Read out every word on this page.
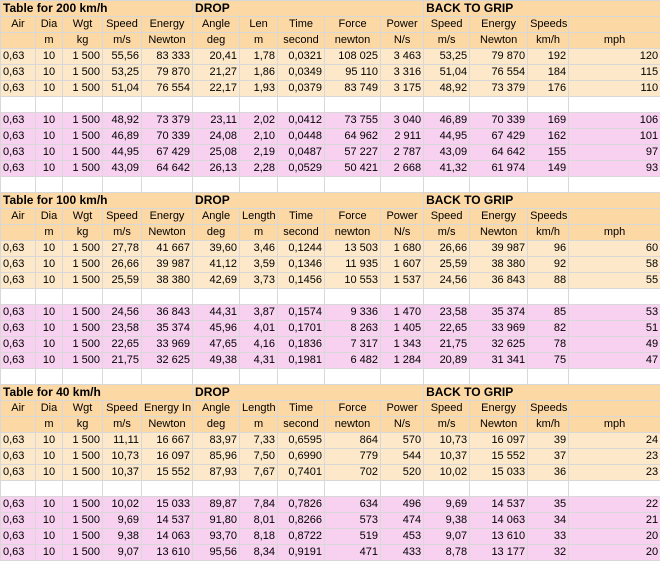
Table for 200 km/h					DROP					BACK TO GRIP			
Air	Dia	Wgt	Speed	Energy	Angle	Len	Time	Force	Power	Speed	Energy	Speeds	
	m	kg	m/s	Newton	deg	m	second	newton	N/s	m/s	Newton	km/h	mph
0,63	10	1 500	55,56	83 333	20,41	1,78	0,0321	108 025	3 463	53,25	79 870	192	120
0,63	10	1 500	53,25	79 870	21,27	1,86	0,0349	95 110	3 316	51,04	76 554	184	115
0,63	10	1 500	51,04	76 554	22,17	1,93	0,0379	83 749	3 175	48,92	73 379	176	110

0,63	10	1 500	48,92	73 379	23,11	2,02	0,0412	73 755	3 040	46,89	70 339	169	106
0,63	10	1 500	46,89	70 339	24,08	2,10	0,0448	64 962	2 911	44,95	67 429	162	101
0,63	10	1 500	44,95	67 429	25,08	2,19	0,0487	57 227	2 787	43,09	64 642	155	97
0,63	10	1 500	43,09	64 642	26,13	2,28	0,0529	50 421	2 668	41,32	61 974	149	93

Table for 100 km/h					DROP					BACK TO GRIP			
Air	Dia	Wgt	Speed	Energy	Angle	Length	Time	Force	Power	Speed	Energy	Speeds	
	m	kg	m/s	Newton	deg	m	second	newton	N/s	m/s	Newton	km/h	mph
0,63	10	1 500	27,78	41 667	39,60	3,46	0,1244	13 503	1 680	26,66	39 987	96	60
0,63	10	1 500	26,66	39 987	41,12	3,59	0,1346	11 935	1 607	25,59	38 380	92	58
0,63	10	1 500	25,59	38 380	42,69	3,73	0,1456	10 553	1 537	24,56	36 843	88	55

0,63	10	1 500	24,56	36 843	44,31	3,87	0,1574	9 336	1 470	23,58	35 374	85	53
0,63	10	1 500	23,58	35 374	45,96	4,01	0,1701	8 263	1 405	22,65	33 969	82	51
0,63	10	1 500	22,65	33 969	47,65	4,16	0,1836	7 317	1 343	21,75	32 625	78	49
0,63	10	1 500	21,75	32 625	49,38	4,31	0,1981	6 482	1 284	20,89	31 341	75	47

Table for 40 km/h					DROP					BACK TO GRIP			
Air	Dia	Wgt	Speed	Energy In	Angle	Length	Time	Force	Power	Speed	Energy	Speeds	
	m	kg	m/s	Newton	deg	m	second	newton	N/s	m/s	Newton	km/h	mph
0,63	10	1 500	11,11	16 667	83,97	7,33	0,6595	864	570	10,73	16 097	39	24
0,63	10	1 500	10,73	16 097	85,96	7,50	0,6990	779	544	10,37	15 552	37	23
0,63	10	1 500	10,37	15 552	87,93	7,67	0,7401	702	520	10,02	15 033	36	23

0,63	10	1 500	10,02	15 033	89,87	7,84	0,7826	634	496	9,69	14 537	35	22
0,63	10	1 500	9,69	14 537	91,80	8,01	0,8266	573	474	9,38	14 063	34	21
0,63	10	1 500	9,38	14 063	93,70	8,18	0,8722	519	453	9,07	13 610	33	20
0,63	10	1 500	9,07	13 610	95,56	8,34	0,9191	471	433	8,78	13 177	32	20
